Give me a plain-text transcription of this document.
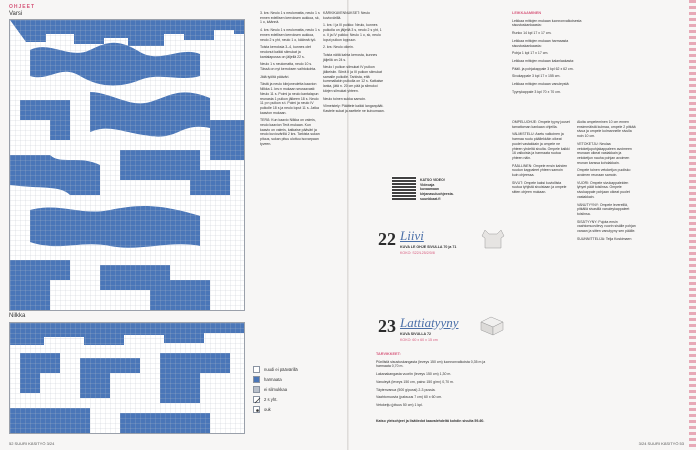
OHJEET
Varsi
Nilkka
nuudi ei päävärillä
harmaata
ei silmukkaa
2 s yht.
ouk
52 SUURI KÄSITYÖ 3/24

3. krs: Neulo 1 s neulomatta, neulo 1 s ennen edellisen kerroksen aukkoa, sk, 1 o, käännä.

4. krs: Neulo 1 s neulomatta, neulo 1 s ennen edellisen kerroksen aukkoa, neulo 2 s yht, neulo 1 o, käännä työ.

Toista kerroksia 3–4, kunnes olet neulonut kaikki silmukat ja kantalapussa on jäljellä 22 s.

Neulo 1 s neulomatta, neulo 10 s. Tässä on nyt kerroksen vaihtokohta.

Jätä työltä pääväri.

Tästä ja neulo kiinjoneuletta kaavion Nilkka 1. krs:n mukaan seuraavasti: Neulo 11 s. Poimi ja neulo kantalapun reunasta 1 puikon jälkeen 18 s. Neulo 11 p:n puikon s:t. Poimi ja neulo IV puikolle 18 s ja neulo loput 11 s. Jatka kaavion mukaan.

TERÄ: Kun kaavio Nilkka on valmis, neulo kaavion Terä mukaan. Kun kaavio on valmis, katkaise pääväri ja neulo kuviovärillä 2 krs. Tarkista sukan pituus, sukan pituu ulottuu isovarpaan tyveen.

KÄRKIKAVENNUKSET: Neulo kuviovärillä.

1. krs: I ja III puikko: Neulo, kunnes puikolla on jäljellä 3 s, neulo 2 s yht, 1 o. II ja IV puikko: Neulo 1 o, sk, neulo loput puikon loppuun.

2. krs: Neulo oikein.

Toista näitä kahta kerrosta, kunnes jäljellä on 24 s.

Neulo I puikon silmukat IV puikon jälkeisiin. Siirrä II ja III puikon silmukat samalle puikolle. Tarkista, että kummallakin puikolla on 12 s. Katkaise lanka, jätä n. 20 cm pää ja silmukoi kärjen silmukat yhteen.

Neulo toinen sukka samoin.

Viimeistely: Päättele kaikki langanpäät. Kastele sukat ja asettele ne kuivumaan.

KATSO VIDEO! Videoaja kuvaamaan kirjanasuluohjeesta. suunkkaat.fi
22 Liivi
KUVA LE OHJE SIVULLA 70 ja 71
KOKO: S22/L25/2/0/8
23 Lattiatyyny
KUVA SIVULLA 72
KOKO: 60 x 60 x 15 cm

TARVIKKEET:

Pünilistä sisustuskangasta (leveys 150 cm) luonnonvalkoista 0,35 m ja harmaata 0,70 m.

Lakanakangasta vuoriin (leveys 150 cm) 1,30 m.

Vanuleyä (leveys 150 cm, paino 150 g/m²) 0,70 m.

Täytenvanua (500 g/pussi) 2-3 pussia.

Vaahtomuovia (paksuus 7 cm) 60 x 60 cm.

Vetoketju (pituus 50 cm) 1 kpl.

Katso yleisohjeet ja lisätiedot kaavalehdeltä kohdin sivulta 59-60.

LEIKKAAMINEN

Leikkaa mittojen mukaan luonnonvalkoisesta sisustuskankaasta:

Runko 14 kpl 17 x 17 cm.

Leikkaa mittojen mukaan harmaasta sisustuskankaasta:

Pohja 1 kpl 17 x 17 cm.

Leikkaa mittojen mukaan kalanlaakasta:

Pääll. ja pohjakappale 3 kpl 62 x 62 cm.

Sivukappale 3 kpl 17 x 155 cm.

Leikkaa mittojen mukaan vanuleystä:

Tyynykappale 3 kpl 70 x 70 cm.

OMPELUOHJE: Ompele tyyny jouset tamattoman kankaan ohjeilla.

VALMISTELU: Asetu valkoinen ja harmaa ruutu päällekkäin oikeat puolet vastakkain ja ompele ne yhteen yhdeltä sivulta. Ompele kaikki 16 valkoista ja harmaata ruutua yhteen näin.

PÄÄLLINEN: Ompele ensin kahden ruudun kappaleet yhteen samoin kuin ohjeessa.

SIVUT: Ompele kaksi kuviollista ruutua tyhjistä sivuistaan ja ompele sitten ohjeen mukaan.

Aloita ompeleminen 10 cm ennen ensimmäistä kulmaa, ompele 2 pitkää sivua ja ompele kolmannelle sivulla noin 10 cm.

VETOKETJU: Neulaa vetoketjupohjakappaleen avoimeen reunaan oikeat vastakkain ja vetoketjun nauha pohjan avoimen reunan kanssa kohdakkain.

Ompele toinen vetoketjun puolisko avoimen reunaan samoin.

VUORI: Ompele sivukappaleiden lyhyet päät toisiinsa. Ompele sivukappale pohjaan oikeat puolet vastakkain.

VANUTYYNY: Ompele levereillä, pitkällä sivasillä vanuleykappaleet toisiinsa.

SISÄTYYNY: Pujota ensin vaahtomuovilevy vuorin sisälle pohjan varaan ja sitten vanutyyny sen päälle.

SUUNNITTELIJA: Telja Koskimaen

3/24 SUURI KÄSITYÖ 53
